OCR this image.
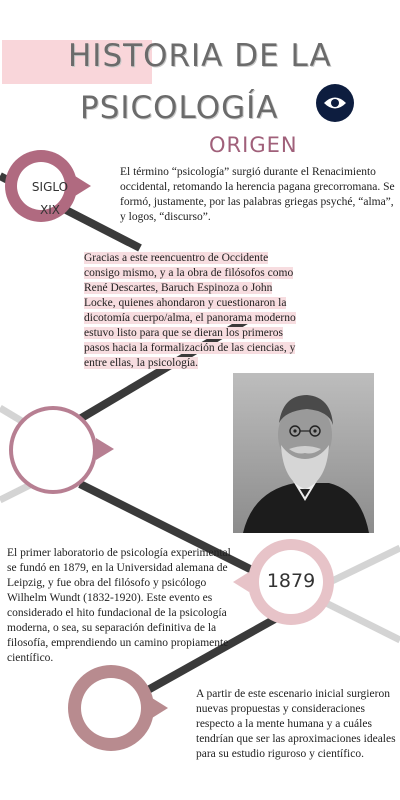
HISTORIA DE LA
PSICOLOGÍA
ORIGEN
SIGLO
XIX
El término “psicología” surgió durante el Renacimiento occidental, retomando la herencia pagana grecorromana. Se formó, justamente, por las palabras griegas psyché, “alma”, y logos, “discurso”.
Gracias a este reencuentro de Occidente consigo mismo, y a la obra de filósofos como René Descartes, Baruch Espinoza o John Locke, quienes ahondaron y cuestionaron la dicotomía cuerpo/alma, el panorama moderno estuvo listo para que se dieran los primeros pasos hacia la formalización de las ciencias, y entre ellas, la psicología.
El primer laboratorio de psicología experimental se fundó en 1879, en la Universidad alemana de Leipzig, y fue obra del filósofo y psicólogo Wilhelm Wundt (1832-1920). Este evento es considerado el hito fundacional de la psicología moderna, o sea, su separación definitiva de la filosofía, emprendiendo un camino propiamente científico.
1879
A partir de este escenario inicial surgieron nuevas propuestas y consideraciones respecto a la mente humana y a cuáles tendrían que ser las aproximaciones ideales para su estudio riguroso y científico.
